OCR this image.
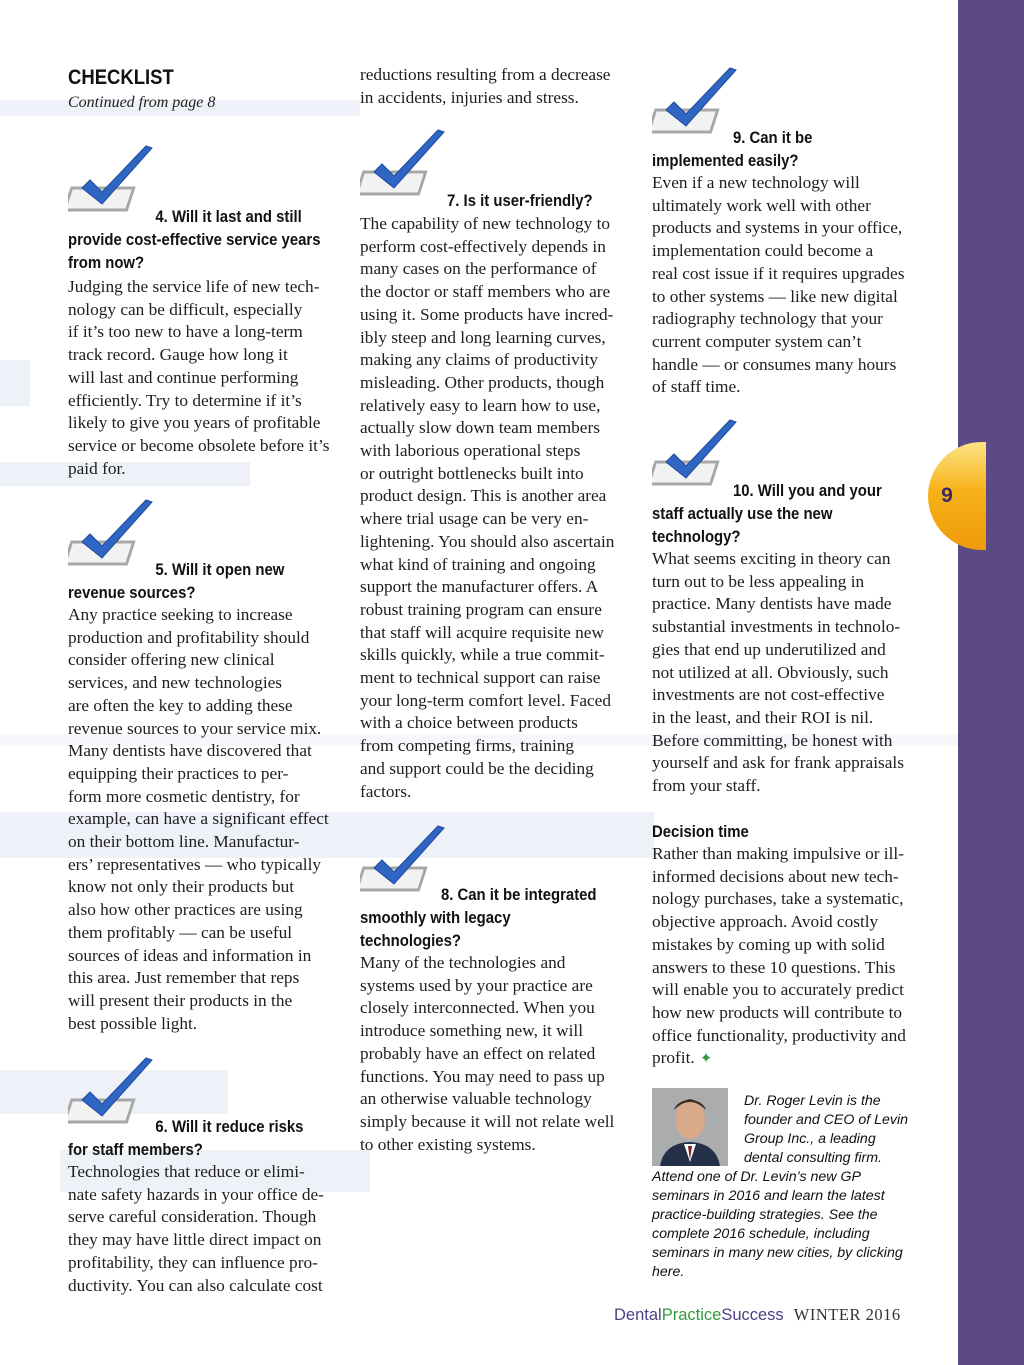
9
CHECKLIST
Continued from page 8
4. Will it last and still
provide cost-effective service years
from now?

Judging the service life of new tech-
nology can be difficult, especially
if it’s too new to have a long-term
track record. Gauge how long it
will last and continue performing
efficiently. Try to determine if it’s
likely to give you years of profitable
service or become obsolete before it’s
paid for.

5. Will it open new
revenue sources?

Any practice seeking to increase
production and profitability should
consider offering new clinical
services, and new technologies
are often the key to adding these
revenue sources to your service mix.
Many dentists have discovered that
equipping their practices to per-
form more cosmetic dentistry, for
example, can have a significant effect
on their bottom line. Manufactur-
ers’ representatives — who typically
know not only their products but
also how other practices are using
them profitably — can be useful
sources of ideas and information in
this area. Just remember that reps
will present their products in the
best possible light.

6. Will it reduce risks
for staff members?

Technologies that reduce or elimi-
nate safety hazards in your office de-
serve careful consideration. Though
they may have little direct impact on
profitability, they can influence pro-
ductivity. You can also calculate cost

reductions resulting from a decrease
in accidents, injuries and stress.

7. Is it user-friendly?

The capability of new technology to
perform cost-effectively depends in
many cases on the performance of
the doctor or staff members who are
using it. Some products have incred-
ibly steep and long learning curves,
making any claims of productivity
misleading. Other products, though
relatively easy to learn how to use,
actually slow down team members
with laborious operational steps
or outright bottlenecks built into
product design. This is another area
where trial usage can be very en-
lightening. You should also ascertain
what kind of training and ongoing
support the manufacturer offers. A
robust training program can ensure
that staff will acquire requisite new
skills quickly, while a true commit-
ment to technical support can raise
your long-term comfort level. Faced
with a choice between products
from competing firms, training
and support could be the deciding
factors.

8. Can it be integrated
smoothly with legacy
technologies?

Many of the technologies and
systems used by your practice are
closely interconnected. When you
introduce something new, it will
probably have an effect on related
functions. You may need to pass up
an otherwise valuable technology
simply because it will not relate well
to other existing systems.

9. Can it be
implemented easily?

Even if a new technology will
ultimately work well with other
products and systems in your office,
implementation could become a
real cost issue if it requires upgrades
to other systems — like new digital
radiography technology that your
current computer system can’t
handle — or consumes many hours
of staff time.

10. Will you and your
staff actually use the new
technology?

What seems exciting in theory can
turn out to be less appealing in
practice. Many dentists have made
substantial investments in technolo-
gies that end up underutilized and
not utilized at all. Obviously, such
investments are not cost-effective
in the least, and their ROI is nil.
Before committing, be honest with
yourself and ask for frank appraisals
from your staff.

Decision time

Rather than making impulsive or ill-
informed decisions about new tech-
nology purchases, take a systematic,
objective approach. Avoid costly
mistakes by coming up with solid
answers to these 10 questions. This
will enable you to accurately predict
how new products will contribute to
office functionality, productivity and
profit. ✦

Dr. Roger Levin is the
founder and CEO of Levin
Group Inc., a leading
dental consulting firm.

Attend one of Dr. Levin’s new GP
seminars in 2016 and learn the latest
practice-building strategies. See the
complete 2016 schedule, including
seminars in many new cities, by clicking
here.

DentalPracticeSuccess WINTER 2016
